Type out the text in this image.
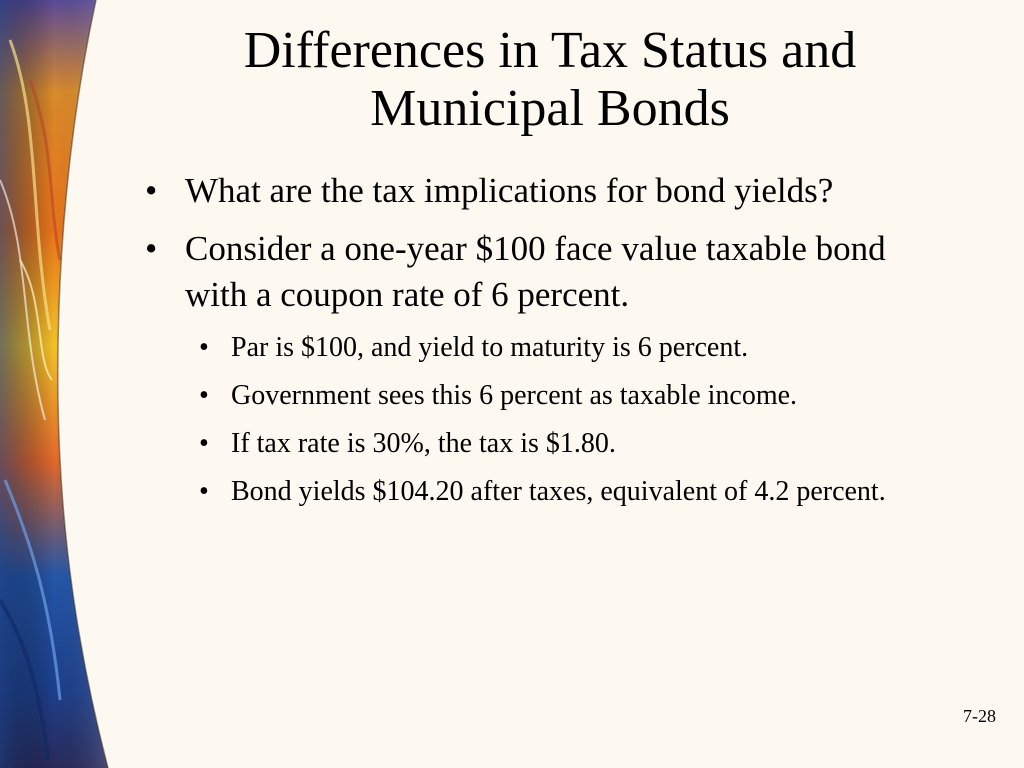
Differences in Tax Status and Municipal Bonds
• What are the tax implications for bond yields?
• Consider a one-year $100 face value taxable bond with a coupon rate of 6 percent.
• Par is $100, and yield to maturity is 6 percent.
• Government sees this 6 percent as taxable income.
• If tax rate is 30%, the tax is $1.80.
• Bond yields $104.20 after taxes, equivalent of 4.2 percent.
7-28
